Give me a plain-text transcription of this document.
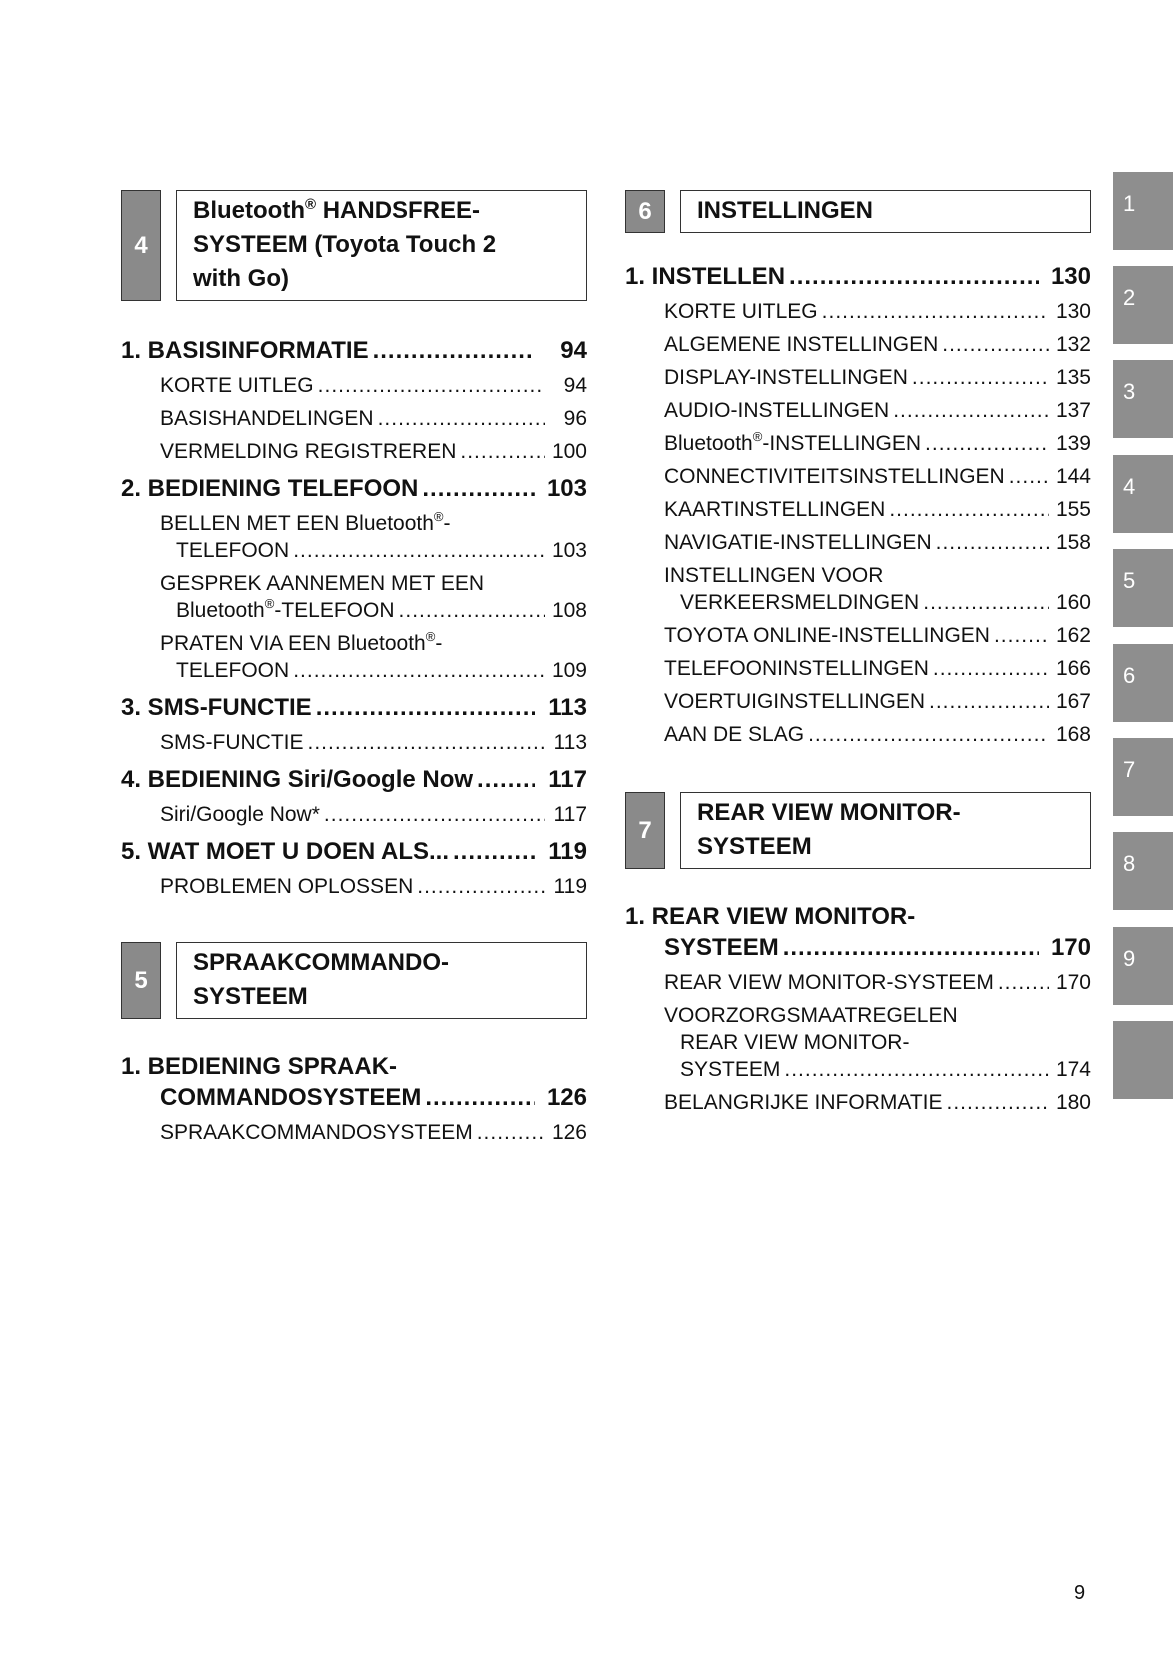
4
Bluetooth® HANDSFREE-
SYSTEEM (Toyota Touch 2
with Go)
1. BASISINFORMATIE .....	94
KORTE UITLEG .....	94
BASISHANDELINGEN .....	96
VERMELDING REGISTREREN .....	100
2. BEDIENING TELEFOON .....	103
BELLEN MET EEN Bluetooth®-
TELEFOON .....	103
GESPREK AANNEMEN MET EEN
Bluetooth®-TELEFOON .....	108
PRATEN VIA EEN Bluetooth®-
TELEFOON .....	109
3. SMS-FUNCTIE .....	113
SMS-FUNCTIE .....	113
4. BEDIENING Siri/Google Now .....	117
Siri/Google Now* .....	117
5. WAT MOET U DOEN ALS... .....	119
PROBLEMEN OPLOSSEN .....	119
5
SPRAAKCOMMANDO-
SYSTEEM
1. BEDIENING SPRAAK-
COMMANDOSYSTEEM .....	126
SPRAAKCOMMANDOSYSTEEM .....	126
6	INSTELLINGEN
1. INSTELLEN .....	130
KORTE UITLEG .....	130
ALGEMENE INSTELLINGEN .....	132
DISPLAY-INSTELLINGEN .....	135
AUDIO-INSTELLINGEN .....	137
Bluetooth®-INSTELLINGEN .....	139
CONNECTIVITEITSINSTELLINGEN ..... 144
KAARTINSTELLINGEN .....	155
NAVIGATIE-INSTELLINGEN .....	158
INSTELLINGEN VOOR
VERKEERSMELDINGEN .....	160
TOYOTA ONLINE-INSTELLINGEN .....	162
TELEFOONINSTELLINGEN .....	166
VOERTUIGINSTELLINGEN .....	167
AAN DE SLAG .....	168
7
REAR VIEW MONITOR-
SYSTEEM
1. REAR VIEW MONITOR-
SYSTEEM .....	170
REAR VIEW MONITOR-SYSTEEM .....	170
VOORZORGSMAATREGELEN
REAR VIEW MONITOR-
SYSTEEM .....	174
BELANGRIJKE INFORMATIE .....	180
1
2
3
4
5
6
7
8
9
9
